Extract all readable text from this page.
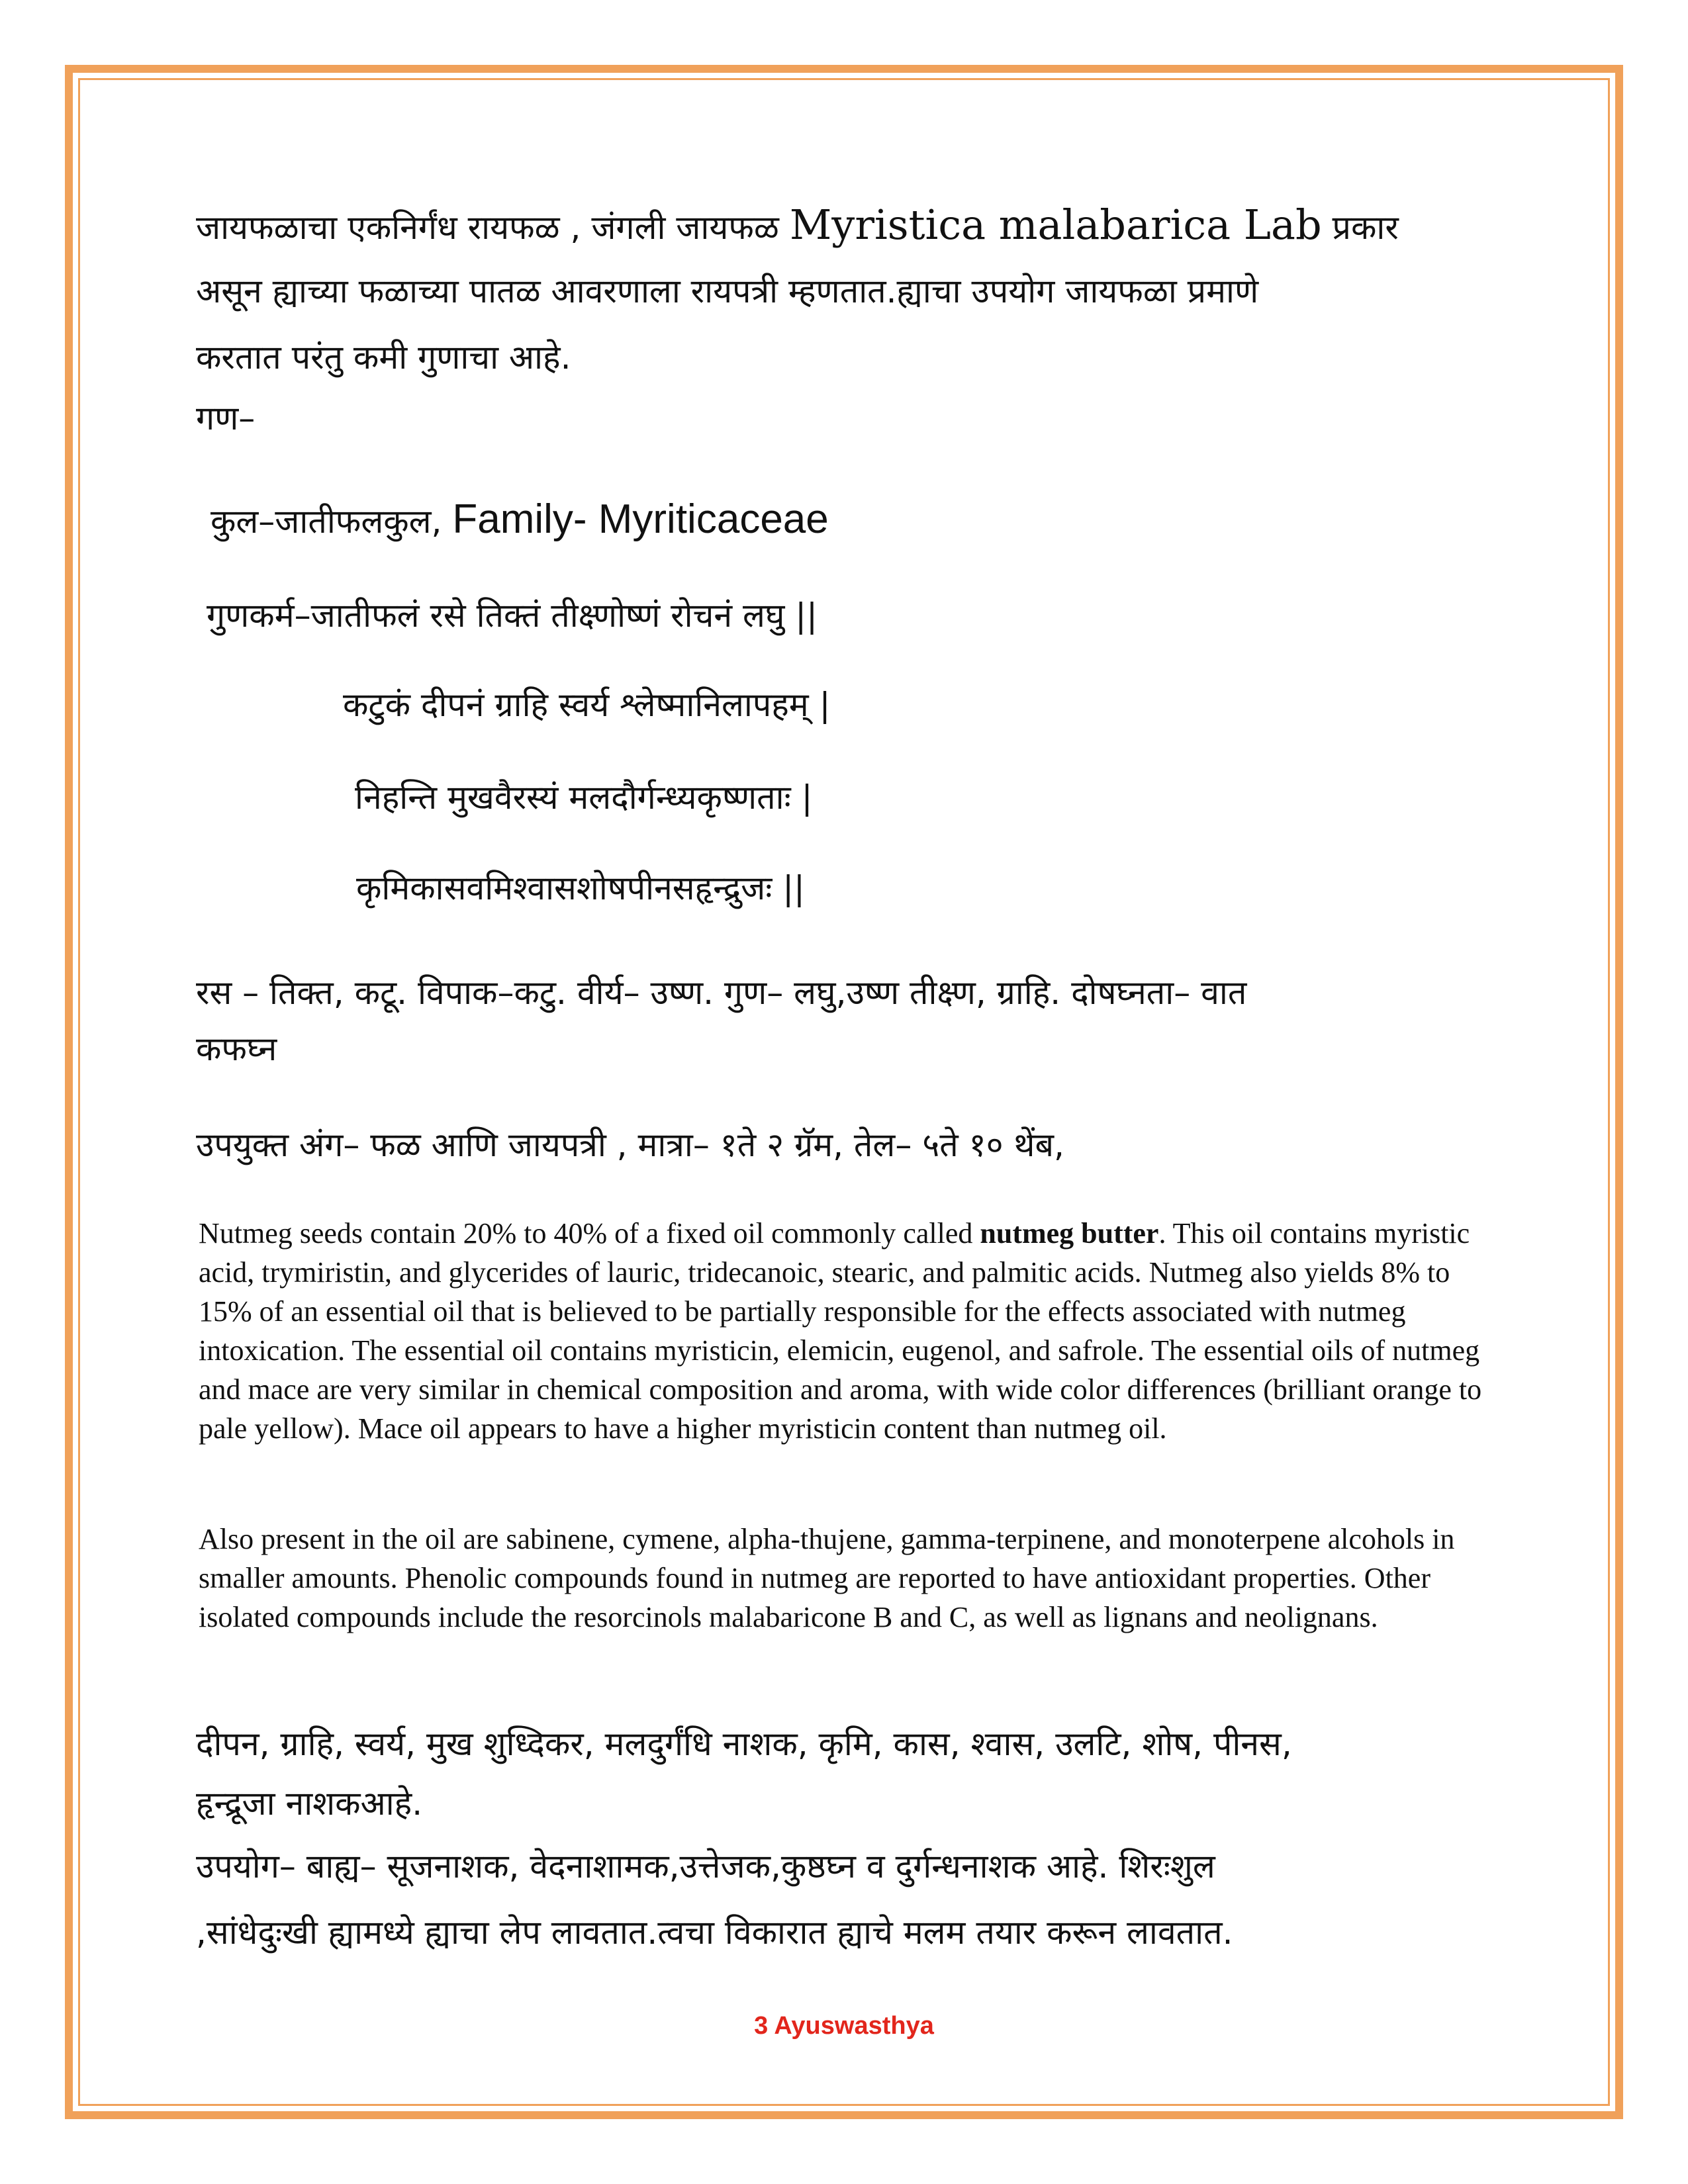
जायफळाचा एकनिर्गंध रायफळ , जंगली जायफळ Myristica malabarica Lab प्रकार
असून ह्याच्या फळाच्या पातळ आवरणाला रायपत्री म्हणतात.ह्याचा उपयोग जायफळा प्रमाणे
करतात परंतु कमी गुणाचा आहे.
गण–
कुल–जातीफलकुल, Family- Myriticaceae
गुणकर्म–जातीफलं रसे तिक्तं तीक्ष्णोष्णं रोचनं लघु ||
कटुकं दीपनं ग्राहि स्वर्य श्लेष्मानिलापहम् |
निहन्ति मुखवैरस्यं मलदौर्गन्ध्यकृष्णताः |
कृमिकासवमिश्वासशोषपीनसहृन्द्रुजः ||
रस – तिक्त, कटू. विपाक–कटु. वीर्य– उष्ण. गुण– लघु,उष्ण तीक्ष्ण, ग्राहि. दोषघ्नता– वात
कफघ्न
उपयुक्त अंग– फळ आणि जायपत्री , मात्रा– १ते २ ग्रॅम, तेल– ५ते १० थेंब,
Nutmeg seeds contain 20% to 40% of a fixed oil commonly called nutmeg butter. This oil contains myristic acid, trymiristin, and glycerides of lauric, tridecanoic, stearic, and palmitic acids. Nutmeg also yields 8% to 15% of an essential oil that is believed to be partially responsible for the effects associated with nutmeg intoxication. The essential oil contains myristicin, elemicin, eugenol, and safrole. The essential oils of nutmeg and mace are very similar in chemical composition and aroma, with wide color differences (brilliant orange to pale yellow). Mace oil appears to have a higher myristicin content than nutmeg oil.
Also present in the oil are sabinene, cymene, alpha-thujene, gamma-terpinene, and monoterpene alcohols in smaller amounts. Phenolic compounds found in nutmeg are reported to have antioxidant properties. Other isolated compounds include the resorcinols malabaricone B and C, as well as lignans and neolignans.
दीपन, ग्राहि, स्वर्य, मुख शुध्दिकर, मलदुर्गंधि नाशक, कृमि, कास, श्वास, उलटि, शोष, पीनस,
हृन्द्रूजा नाशकआहे.
उपयोग– बाह्य– सूजनाशक, वेदनाशामक,उत्तेजक,कुष्ठघ्न व दुर्गन्धनाशक आहे. शिरःशुल
,सांधेदुःखी ह्यामध्ये ह्याचा लेप लावतात.त्वचा विकारात ह्याचे मलम तयार करून लावतात.
3 Ayuswasthya
